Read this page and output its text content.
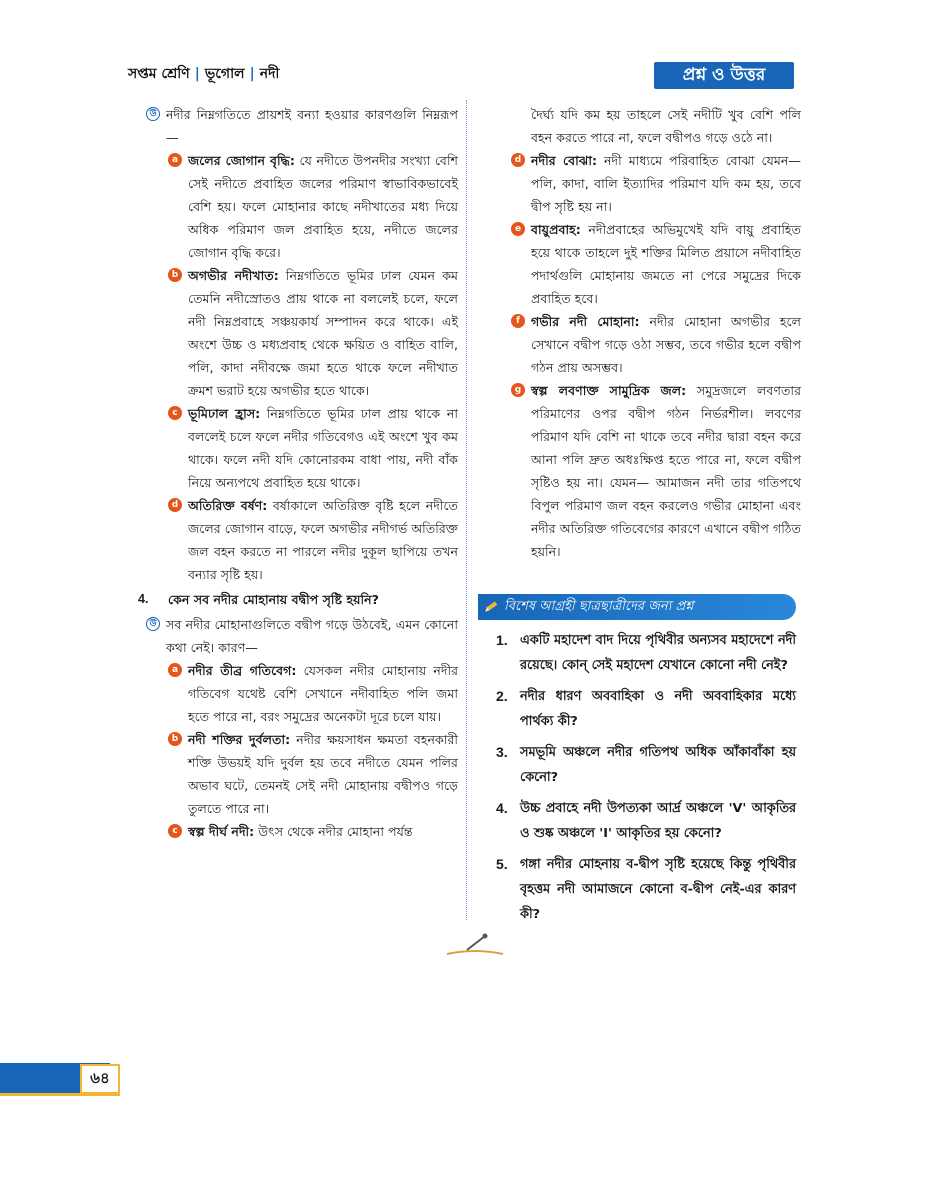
সপ্তম শ্রেণি | ভূগোল | নদী	প্রশ্ন ও উত্তর
উ নদীর নিম্নগতিতে প্রায়শই বন্যা হওয়ার কারণগুলি নিম্নরূপ—
a জলের জোগান বৃদ্ধি: যে নদীতে উপনদীর সংখ্যা বেশি সেই নদীতে প্রবাহিত জলের পরিমাণ স্বাভাবিকভাবেই বেশি হয়। ফলে মোহানার কাছে নদীখাতের মধ্য দিয়ে অধিক পরিমাণ জল প্রবাহিত হয়ে, নদীতে জলের জোগান বৃদ্ধি করে।
b অগভীর নদীখাত: নিম্নগতিতে ভূমির ঢাল যেমন কম তেমনি নদীস্রোতও প্রায় থাকে না বললেই চলে, ফলে নদী নিম্নপ্রবাহে সঞ্চয়কার্য সম্পাদন করে থাকে। এই অংশে উচ্চ ও মধ্যপ্রবাহ থেকে ক্ষয়িত ও বাহিত বালি, পলি, কাদা নদীবক্ষে জমা হতে থাকে ফলে নদীখাত ক্রমশ ভরাট হয়ে অগভীর হতে থাকে।
c ভূমিঢাল হ্রাস: নিম্নগতিতে ভূমির ঢাল প্রায় থাকে না বললেই চলে ফলে নদীর গতিবেগও এই অংশে খুব কম থাকে। ফলে নদী যদি কোনোরকম বাধা পায়, নদী বাঁক নিয়ে অন্যপথে প্রবাহিত হয়ে থাকে।
d অতিরিক্ত বর্ষণ: বর্ষাকালে অতিরিক্ত বৃষ্টি হলে নদীতে জলের জোগান বাড়ে, ফলে অগভীর নদীগর্ভ অতিরিক্ত জল বহন করতে না পারলে নদীর দুকূল ছাপিয়ে তখন বন্যার সৃষ্টি হয়।
4. কেন সব নদীর মোহানায় বদ্বীপ সৃষ্টি হয়নি?
উ সব নদীর মোহানাগুলিতে বদ্বীপ গড়ে উঠবেই, এমন কোনো কথা নেই। কারণ—
a নদীর তীব্র গতিবেগ: যেসকল নদীর মোহানায় নদীর গতিবেগ যথেষ্ট বেশি সেখানে নদীবাহিত পলি জমা হতে পারে না, বরং সমুদ্রের অনেকটা দূরে চলে যায়।
b নদী শক্তির দুর্বলতা: নদীর ক্ষয়সাধন ক্ষমতা বহনকারী শক্তি উভয়ই যদি দুর্বল হয় তবে নদীতে যেমন পলির অভাব ঘটে, তেমনই সেই নদী মোহানায় বদ্বীপও গড়ে তুলতে পারে না।
c স্বল্প দীর্ঘ নদী: উৎস থেকে নদীর মোহানা পর্যন্ত
দৈর্ঘ্য যদি কম হয় তাহলে সেই নদীটি খুব বেশি পলি বহন করতে পারে না, ফলে বদ্বীপও গড়ে ওঠে না।
d নদীর বোঝা: নদী মাধ্যমে পরিবাহিত বোঝা যেমন— পলি, কাদা, বালি ইত্যাদির পরিমাণ যদি কম হয়, তবে দ্বীপ সৃষ্টি হয় না।
e বায়ুপ্রবাহ: নদীপ্রবাহের অভিমুখেই যদি বায়ু প্রবাহিত হয়ে থাকে তাহলে দুই শক্তির মিলিত প্রয়াসে নদীবাহিত পদার্থগুলি মোহানায় জমতে না পেরে সমুদ্রের দিকে প্রবাহিত হবে।
f গভীর নদী মোহানা: নদীর মোহানা অগভীর হলে সেখানে বদ্বীপ গড়ে ওঠা সম্ভব, তবে গভীর হলে বদ্বীপ গঠন প্রায় অসম্ভব।
g স্বল্প লবণাক্ত সামুদ্রিক জল: সমুদ্রজলে লবণতার পরিমাণের ওপর বদ্বীপ গঠন নির্ভরশীল। লবণের পরিমাণ যদি বেশি না থাকে তবে নদীর দ্বারা বহন করে আনা পলি দ্রুত অধঃক্ষিপ্ত হতে পারে না, ফলে বদ্বীপ সৃষ্টিও হয় না। যেমন— আমাজন নদী তার গতিপথে বিপুল পরিমাণ জল বহন করলেও গভীর মোহানা এবং নদীর অতিরিক্ত গতিবেগের কারণে এখানে বদ্বীপ গঠিত হয়নি।
বিশেষ আগ্রহী ছাত্রছাত্রীদের জন্য প্রশ্ন
1. একটি মহাদেশ বাদ দিয়ে পৃথিবীর অন্যসব মহাদেশে নদী রয়েছে। কোন্ সেই মহাদেশ যেখানে কোনো নদী নেই?
2. নদীর ধারণ অববাহিকা ও নদী অববাহিকার মধ্যে পার্থক্য কী?
3. সমভূমি অঞ্চলে নদীর গতিপথ অধিক আঁকাবাঁকা হয় কেনো?
4. উচ্চ প্রবাহে নদী উপত্যকা আর্দ্র অঞ্চলে 'V' আকৃতির ও শুষ্ক অঞ্চলে 'I' আকৃতির হয় কেনো?
5. গঙ্গা নদীর মোহনায় ব-দ্বীপ সৃষ্টি হয়েছে কিন্তু পৃথিবীর বৃহত্তম নদী আমাজনে কোনো ব-দ্বীপ নেই-এর কারণ কী?
৬৪
